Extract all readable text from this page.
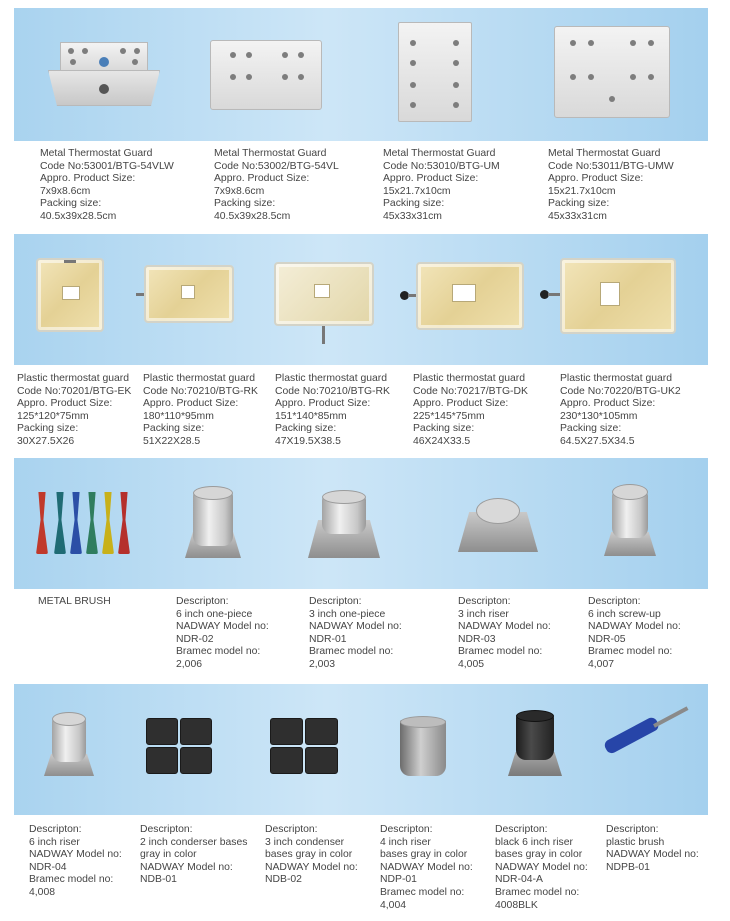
Metal Thermostat Guard
Code No:53001/BTG-54VLW
Appro. Product Size:
7x9x8.6cm
Packing size:
40.5x39x28.5cm
Metal Thermostat Guard
Code No:53002/BTG-54VL
Appro. Product Size:
7x9x8.6cm
Packing size:
40.5x39x28.5cm
Metal Thermostat Guard
Code No:53010/BTG-UM
Appro. Product Size:
15x21.7x10cm
Packing size:
45x33x31cm
Metal Thermostat Guard
Code No:53011/BTG-UMW
Appro. Product Size:
15x21.7x10cm
Packing size:
45x33x31cm
Plastic thermostat guard
Code No:70201/BTG-EK
Appro. Product Size:
125*120*75mm
Packing size:
30X27.5X26
Plastic thermostat guard
Code No:70210/BTG-RK
Appro. Product Size:
180*110*95mm
Packing size:
51X22X28.5
Plastic thermostat guard
Code No:70210/BTG-RK
Appro. Product Size:
151*140*85mm
Packing size:
47X19.5X38.5
Plastic thermostat guard
Code No:70217/BTG-DK
Appro. Product Size:
225*145*75mm
Packing size:
46X24X33.5
Plastic thermostat guard
Code No:70220/BTG-UK2
Appro. Product Size:
230*130*105mm
Packing size:
64.5X27.5X34.5
METAL BRUSH	Descripton:
6 inch one-piece
NADWAY Model no:
NDR-02
Bramec model no:
2,006
Descripton:
3 inch one-piece
NADWAY Model no:
NDR-01
Bramec model no:
2,003
Descripton:
3 inch riser
NADWAY Model no:
NDR-03
Bramec model no:
4,005
Descripton:
6 inch screw-up
NADWAY Model no:
NDR-05
Bramec model no:
4,007
Descripton:
6 inch riser
NADWAY Model no:
NDR-04
Bramec model no:
4,008
Descripton:
2 inch conderser bases
gray in color
NADWAY Model no:
NDB-01
Descripton:
3 inch condenser
bases gray in color
NADWAY Model no:
NDB-02
Descripton:
4 inch riser
bases gray in color
NADWAY Model no:
NDP-01
Bramec model no:
4,004
Descripton:
black 6 inch riser
bases gray in color
NADWAY Model no:
NDR-04-A
Bramec model no:
4008BLK
Descripton:
plastic brush
NADWAY Model no:
NDPB-01
